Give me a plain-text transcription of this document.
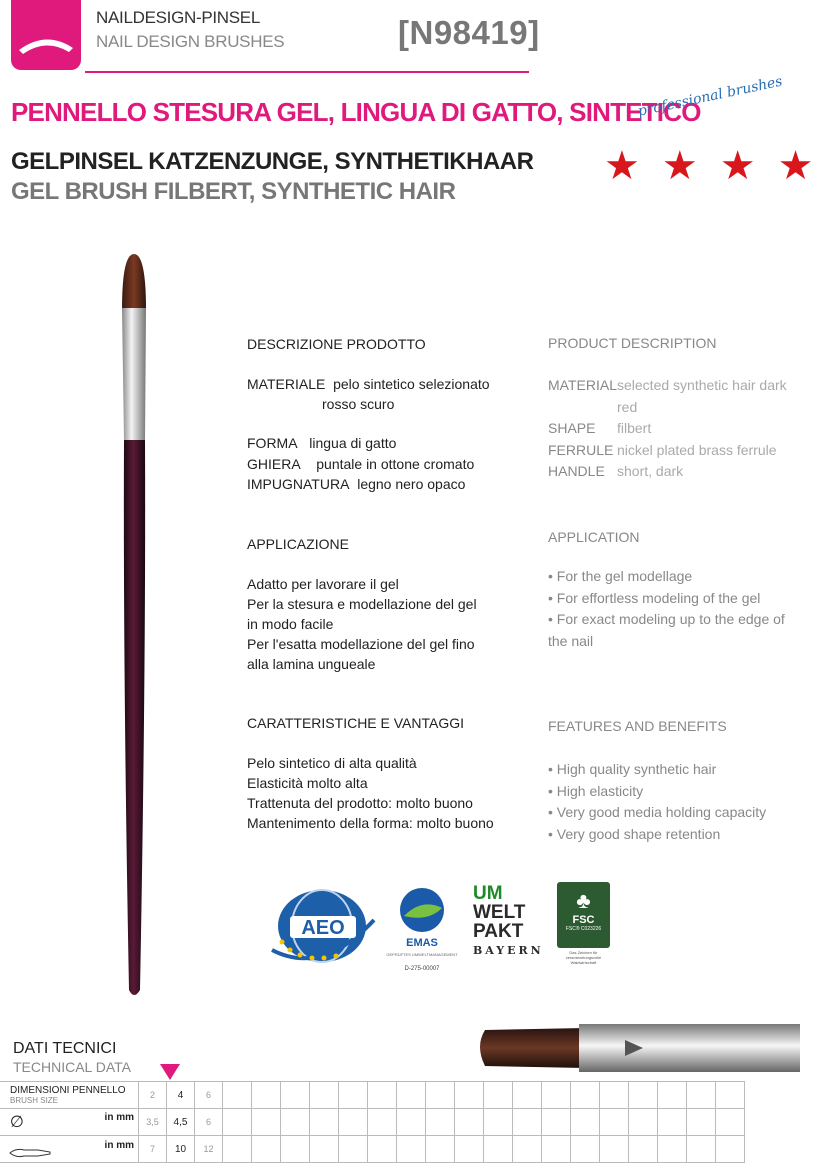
NAILDESIGN-PINSEL
NAIL DESIGN BRUSHES	[N98419]
PENNELLO STESURA GEL, LINGUA DI GATTO, SINTETICO
professional brushes
★ ★ ★ ★
GELPINSEL KATZENZUNGE, SYNTHETIKHAAR
GEL BRUSH FILBERT, SYNTHETIC HAIR
DESCRIZIONE PRODOTTO
MATERIALE pelo sintetico selezionato
rosso scuro
FORMA lingua di gatto
GHIERA puntale in ottone cromato
IMPUGNATURA legno nero opaco
APPLICAZIONE
Adatto per lavorare il gel
Per la stesura e modellazione del gel
in modo facile
Per l'esatta modellazione del gel fino
alla lamina ungueale
CARATTERISTICHE E VANTAGGI
Pelo sintetico di alta qualità
Elasticità molto alta
Trattenuta del prodotto: molto buono
Mantenimento della forma: molto buono
PRODUCT DESCRIPTION
MATERIAL selected synthetic hair dark red
SHAPE	filbert
FERRULE nickel plated brass ferrule
HANDLE short, dark
APPLICATION
• For the gel modellage
• For effortless modeling of the gel
• For exact modeling up to the edge of the nail
FEATURES AND BENEFITS
• High quality synthetic hair
• High elasticity
• Very good media holding capacity
• Very good shape retention
AEO
EMAS
GEPRÜFTES UMWELTMANAGEMENT
D-275-00007
UM
WELT
PAKT
BAYERN
♣
FSC
FSC® C023226
Das Zeichen für verantwortungsvolle Waldwirtschaft
DATI TECNICI
TECHNICAL DATA
DIMENSIONI PENNELLO
BRUSH SIZE	2	4	6																		

∅ in mm	3,5	4,5	6																		

in mm	7	10	12																		
